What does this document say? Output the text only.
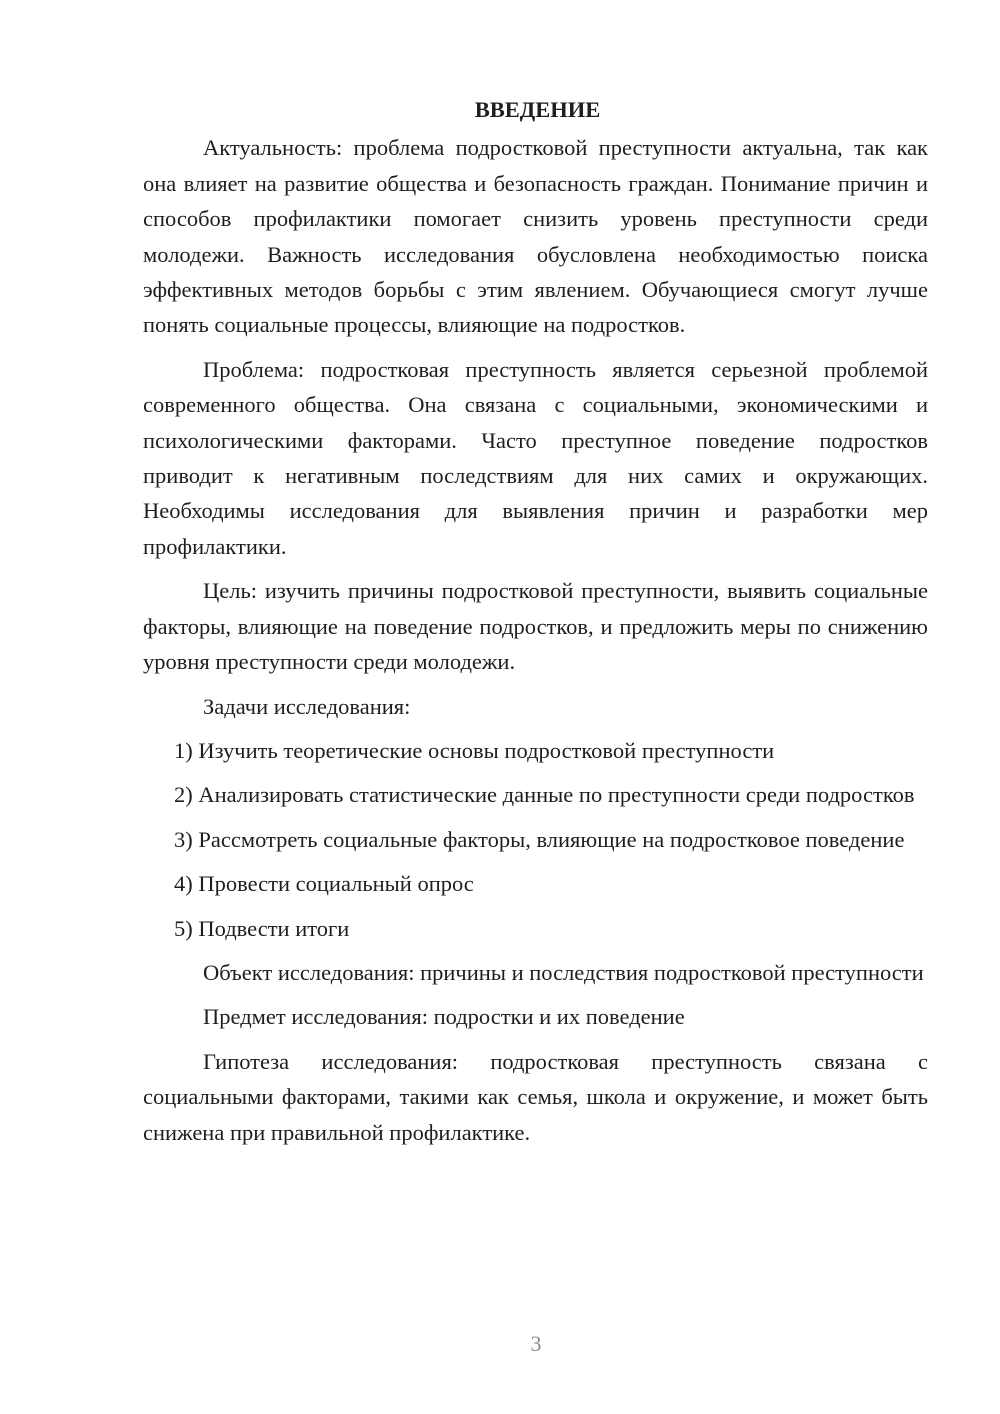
ВВЕДЕНИЕ

Актуальность: проблема подростковой преступности актуальна, так как она влияет на развитие общества и безопасность граждан. Понимание причин и способов профилактики помогает снизить уровень преступности среди молодежи. Важность исследования обусловлена необходимостью поиска эффективных методов борьбы с этим явлением. Обучающиеся смогут лучше понять социальные процессы, влияющие на подростков.

Проблема: подростковая преступность является серьезной проблемой современного общества. Она связана с социальными, экономическими и психологическими факторами. Часто преступное поведение подростков приводит к негативным последствиям для них самих и окружающих. Необходимы исследования для выявления причин и разработки мер профилактики.

Цель: изучить причины подростковой преступности, выявить социальные факторы, влияющие на поведение подростков, и предложить меры по снижению уровня преступности среди молодежи.

Задачи исследования:

1) Изучить теоретические основы подростковой преступности

2) Анализировать статистические данные по преступности среди подростков

3) Рассмотреть социальные факторы, влияющие на подростковое поведение

4) Провести социальный опрос

5) Подвести итоги

Объект исследования: причины и последствия подростковой преступности

Предмет исследования: подростки и их поведение

Гипотеза исследования: подростковая преступность связана с социальными факторами, такими как семья, школа и окружение, и может быть снижена при правильной профилактике.

3
